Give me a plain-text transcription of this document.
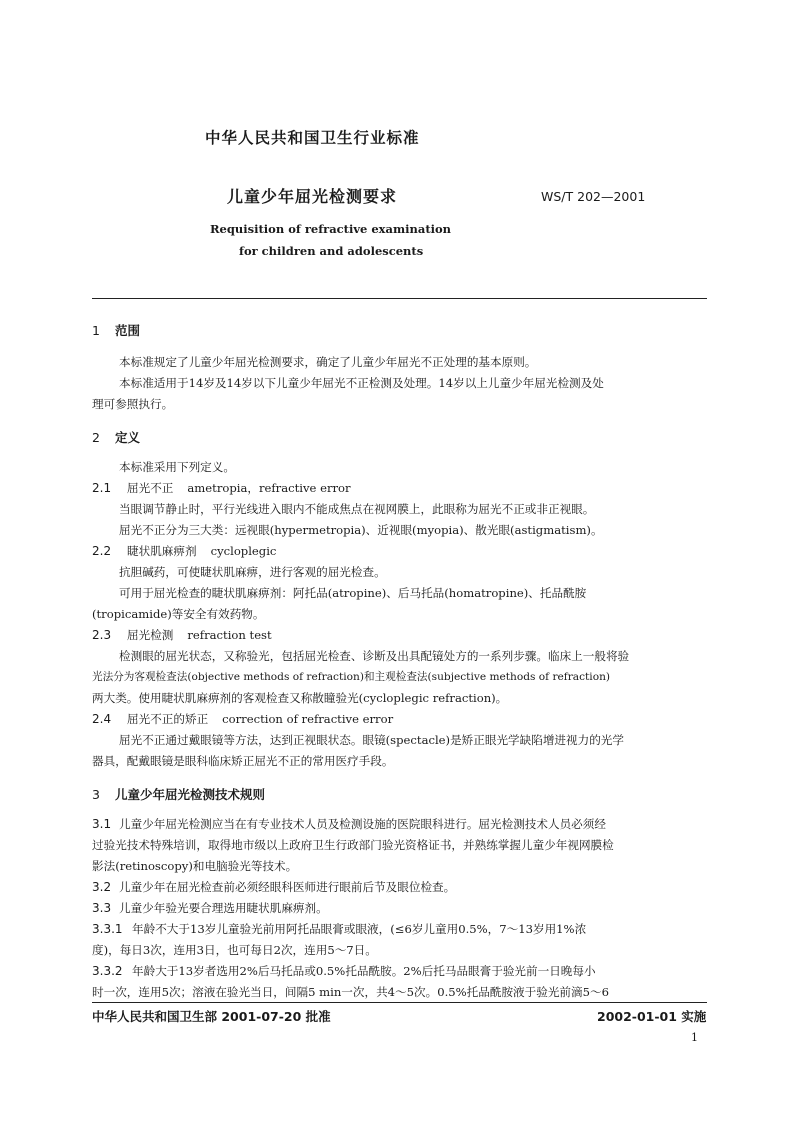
中华人民共和国卫生行业标准
儿童少年屈光检测要求	WS/T 202—2001
Requisition of refractive examination
for children and adolescents
1 范围
本标准规定了儿童少年屈光检测要求，确定了儿童少年屈光不正处理的基本原则。
本标准适用于14岁及14岁以下儿童少年屈光不正检测及处理。14岁以上儿童少年屈光检测及处
理可参照执行。
2 定义
本标准采用下列定义。
2.1 屈光不正 ametropia，refractive error
当眼调节静止时，平行光线进入眼内不能成焦点在视网膜上，此眼称为屈光不正或非正视眼。
屈光不正分为三大类：远视眼(hypermetropia)、近视眼(myopia)、散光眼(astigmatism)。
2.2 睫状肌麻痹剂 cycloplegic
抗胆碱药，可使睫状肌麻痹，进行客观的屈光检查。
可用于屈光检查的睫状肌麻痹剂：阿托品(atropine)、后马托品(homatropine)、托品酰胺
(tropicamide)等安全有效药物。
2.3 屈光检测 refraction test
检测眼的屈光状态，又称验光，包括屈光检查、诊断及出具配镜处方的一系列步骤。临床上一般将验
光法分为客观检查法(objective methods of refraction)和主观检查法(subjective methods of refraction)
两大类。使用睫状肌麻痹剂的客观检查又称散瞳验光(cycloplegic refraction)。
2.4 屈光不正的矫正 correction of refractive error
屈光不正通过戴眼镜等方法，达到正视眼状态。眼镜(spectacle)是矫正眼光学缺陷增进视力的光学
器具，配戴眼镜是眼科临床矫正屈光不正的常用医疗手段。
3 儿童少年屈光检测技术规则
3.1 儿童少年屈光检测应当在有专业技术人员及检测设施的医院眼科进行。屈光检测技术人员必须经
过验光技术特殊培训，取得地市级以上政府卫生行政部门验光资格证书，并熟练掌握儿童少年视网膜检
影法(retinoscopy)和电脑验光等技术。
3.2 儿童少年在屈光检查前必须经眼科医师进行眼前后节及眼位检查。
3.3 儿童少年验光要合理选用睫状肌麻痹剂。
3.3.1 年龄不大于13岁儿童验光前用阿托品眼膏或眼液，(≤6岁儿童用0.5%，7～13岁用1%浓
度)，每日3次，连用3日，也可每日2次，连用5～7日。
3.3.2 年龄大于13岁者选用2%后马托品或0.5%托品酰胺。2%后托马品眼膏于验光前一日晚每小
时一次，连用5次；溶液在验光当日，间隔5 min一次，共4～5次。0.5%托品酰胺液于验光前滴5～6
中华人民共和国卫生部 2001-07-20 批准	2002-01-01 实施
1
